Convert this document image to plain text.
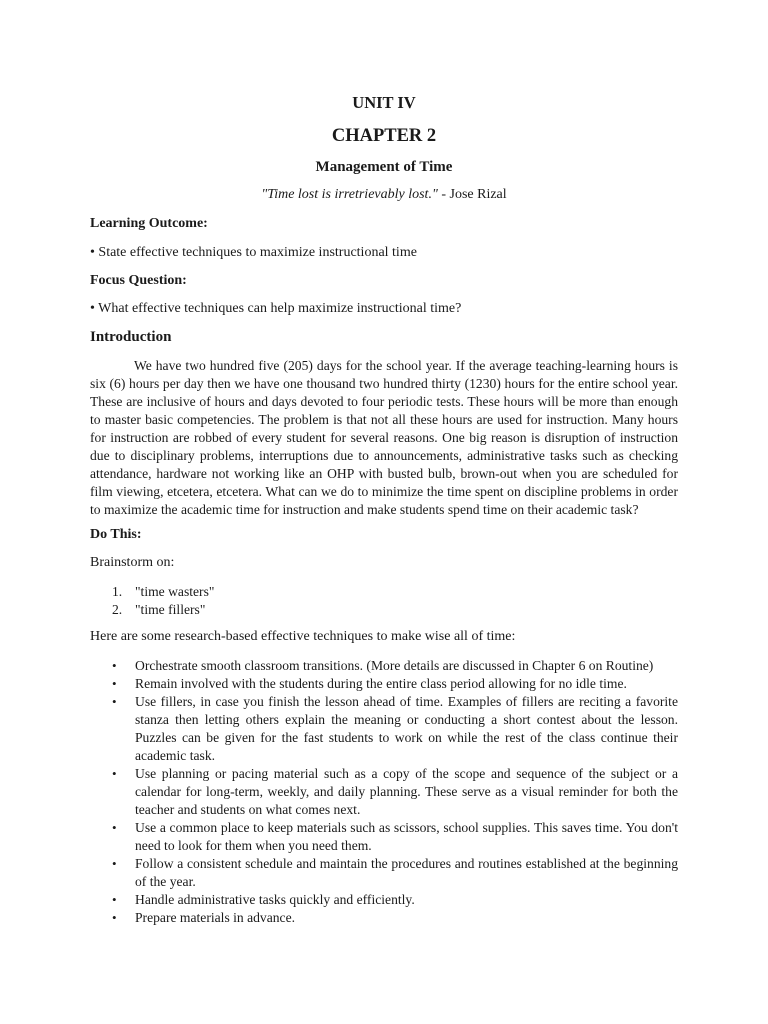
UNIT IV
CHAPTER 2
Management of Time
"Time lost is irretrievably lost." - Jose Rizal
Learning Outcome:
• State effective techniques to maximize instructional time
Focus Question:
• What effective techniques can help maximize instructional time?
Introduction
We have two hundred five (205) days for the school year. If the average teaching-learning hours is six (6) hours per day then we have one thousand two hundred thirty (1230) hours for the entire school year. These are inclusive of hours and days devoted to four periodic tests. These hours will be more than enough to master basic competencies. The problem is that not all these hours are used for instruction. Many hours for instruction are robbed of every student for several reasons. One big reason is disruption of instruction due to disciplinary problems, interruptions due to announcements, administrative tasks such as checking attendance, hardware not working like an OHP with busted bulb, brown-out when you are scheduled for film viewing, etcetera, etcetera. What can we do to minimize the time spent on discipline problems in order to maximize the academic time for instruction and make students spend time on their academic task?
Do This:
Brainstorm on:
1. "time wasters"
2. "time fillers"
Here are some research-based effective techniques to make wise all of time:
• Orchestrate smooth classroom transitions. (More details are discussed in Chapter 6 on Routine)
• Remain involved with the students during the entire class period allowing for no idle time.
• Use fillers, in case you finish the lesson ahead of time. Examples of fillers are reciting a favorite stanza then letting others explain the meaning or conducting a short contest about the lesson. Puzzles can be given for the fast students to work on while the rest of the class continue their academic task.
• Use planning or pacing material such as a copy of the scope and sequence of the subject or a calendar for long-term, weekly, and daily planning. These serve as a visual reminder for both the teacher and students on what comes next.
• Use a common place to keep materials such as scissors, school supplies. This saves time. You don't need to look for them when you need them.
• Follow a consistent schedule and maintain the procedures and routines established at the beginning of the year.
• Handle administrative tasks quickly and efficiently.
• Prepare materials in advance.
